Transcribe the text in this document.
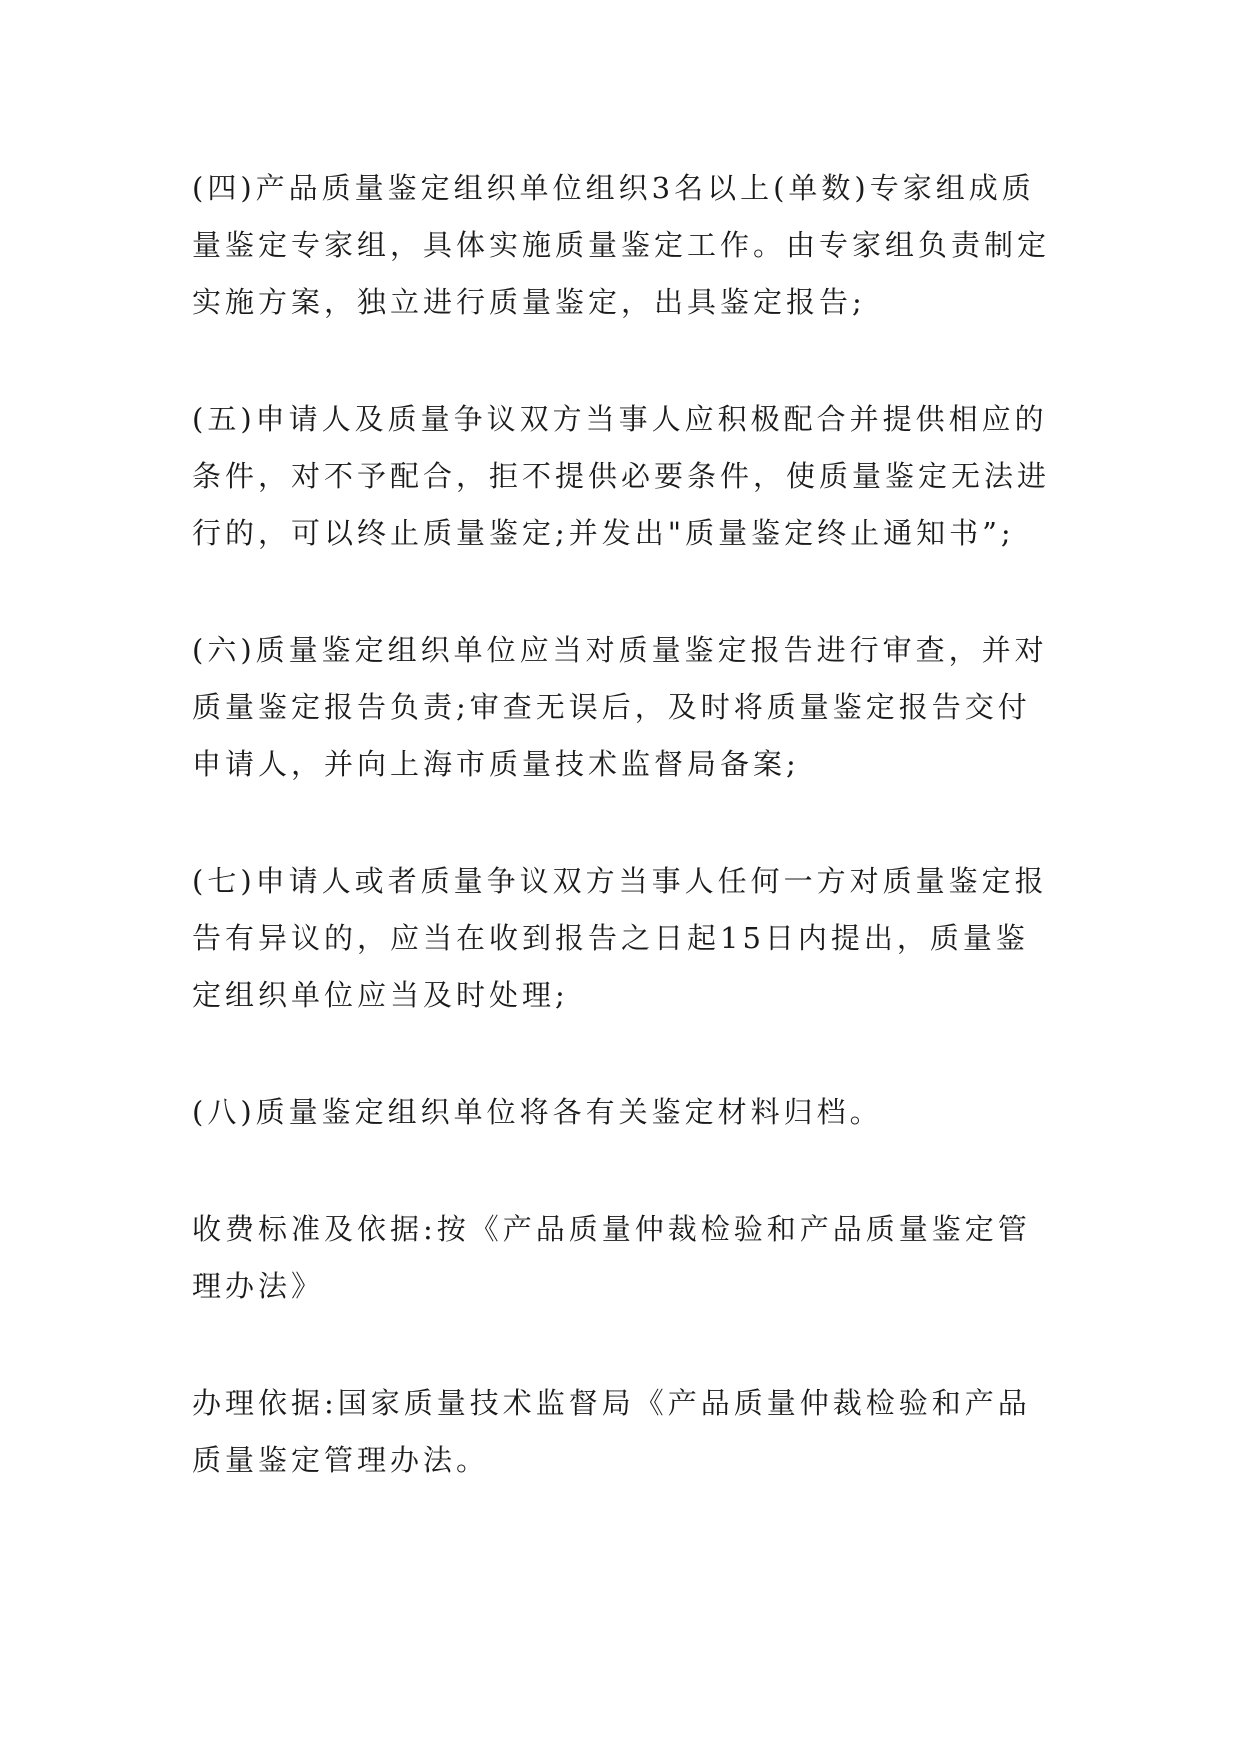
(四)产品质量鉴定组织单位组织3名以上(单数)专家组成质
量鉴定专家组，具体实施质量鉴定工作。由专家组负责制定
实施方案，独立进行质量鉴定，出具鉴定报告;

(五)申请人及质量争议双方当事人应积极配合并提供相应的
条件，对不予配合，拒不提供必要条件，使质量鉴定无法进
行的，可以终止质量鉴定;并发出"质量鉴定终止通知书”;

(六)质量鉴定组织单位应当对质量鉴定报告进行审查，并对
质量鉴定报告负责;审查无误后，及时将质量鉴定报告交付
申请人，并向上海市质量技术监督局备案;

(七)申请人或者质量争议双方当事人任何一方对质量鉴定报
告有异议的，应当在收到报告之日起15日内提出，质量鉴
定组织单位应当及时处理;

(八)质量鉴定组织单位将各有关鉴定材料归档。

收费标准及依据:按《产品质量仲裁检验和产品质量鉴定管
理办法》

办理依据:国家质量技术监督局《产品质量仲裁检验和产品
质量鉴定管理办法。
